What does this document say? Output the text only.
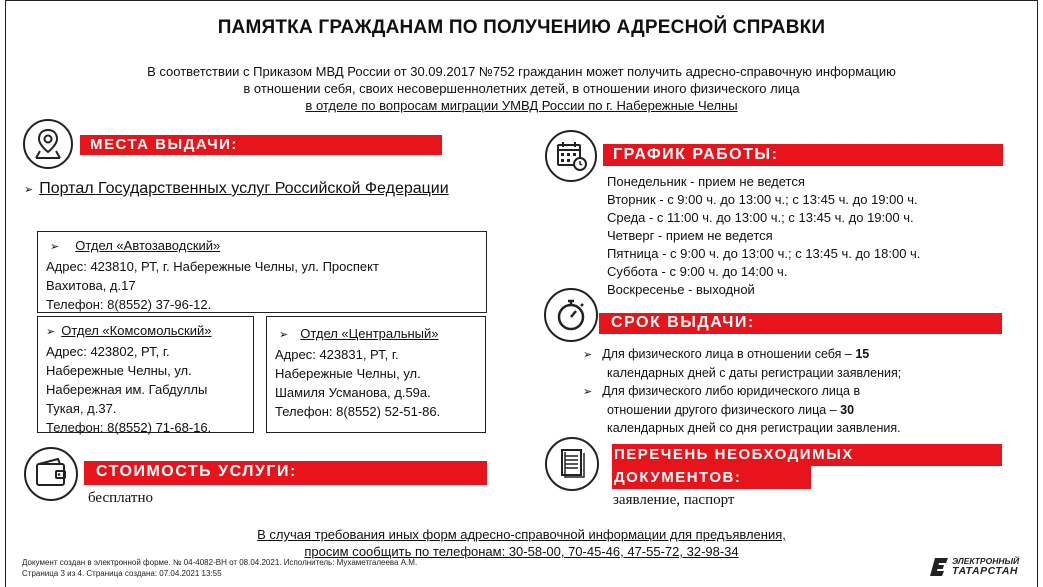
ПАМЯТКА ГРАЖДАНАМ ПО ПОЛУЧЕНИЮ АДРЕСНОЙ СПРАВКИ
В соответствии с Приказом МВД России от 30.09.2017 №752 гражданин может получить адресно-справочную информацию
в отношении себя, своих несовершеннолетних детей, в отношении иного физического лица
в отделе по вопросам миграции УМВД России по г. Набережные Челны
МЕСТА ВЫДАЧИ:
➢ Портал Государственных услуг Российской Федерации
➢ Отдел «Автозаводский»
Адрес: 423810, РТ, г. Набережные Челны, ул. Проспект
Вахитова, д.17
Телефон: 8(8552) 37-96-12.
➢ Отдел «Комсомольский»
Адрес: 423802, РТ, г.
Набережные Челны, ул.
Набережная им. Габдуллы
Тукая, д.37.
Телефон: 8(8552) 71-68-16.
➢ Отдел «Центральный»
Адрес: 423831, РТ, г.
Набережные Челны, ул.
Шамиля Усманова, д.59а.
Телефон: 8(8552) 52-51-86.
СТОИМОСТЬ УСЛУГИ:
бесплатно
ГРАФИК РАБОТЫ:
Понедельник - прием не ведется
Вторник - с 9:00 ч. до 13:00 ч.; с 13:45 ч. до 19:00 ч.
Среда - с 11:00 ч. до 13:00 ч.; с 13:45 ч. до 19:00 ч.
Четверг - прием не ведется
Пятница - с 9:00 ч. до 13:00 ч.; с 13:45 ч. до 18:00 ч.
Суббота - с 9:00 ч. до 14:00 ч.
Воскресенье - выходной
СРОК ВЫДАЧИ:
➢ Для физического лица в отношении себя – 15
календарных дней с даты регистрации заявления;
➢ Для физического либо юридического лица в
отношении другого физического лица – 30
календарных дней со дня регистрации заявления.
ПЕРЕЧЕНЬ НЕОБХОДИМЫХ
ДОКУМЕНТОВ:
заявление, паспорт
В случая требования иных форм адресно-справочной информации для предъявления,
просим сообщить по телефонам: 30-58-00, 70-45-46, 47-55-72, 32-98-34
Документ создан в электронной форме. № 04-4082-ВН от 08.04.2021. Исполнитель: Мухаметгалеева А.М.
Страница 3 из 4. Страница создана: 07.04.2021 13:55
ЭЛЕКТРОННЫЙ
ТАТАРСТАН
